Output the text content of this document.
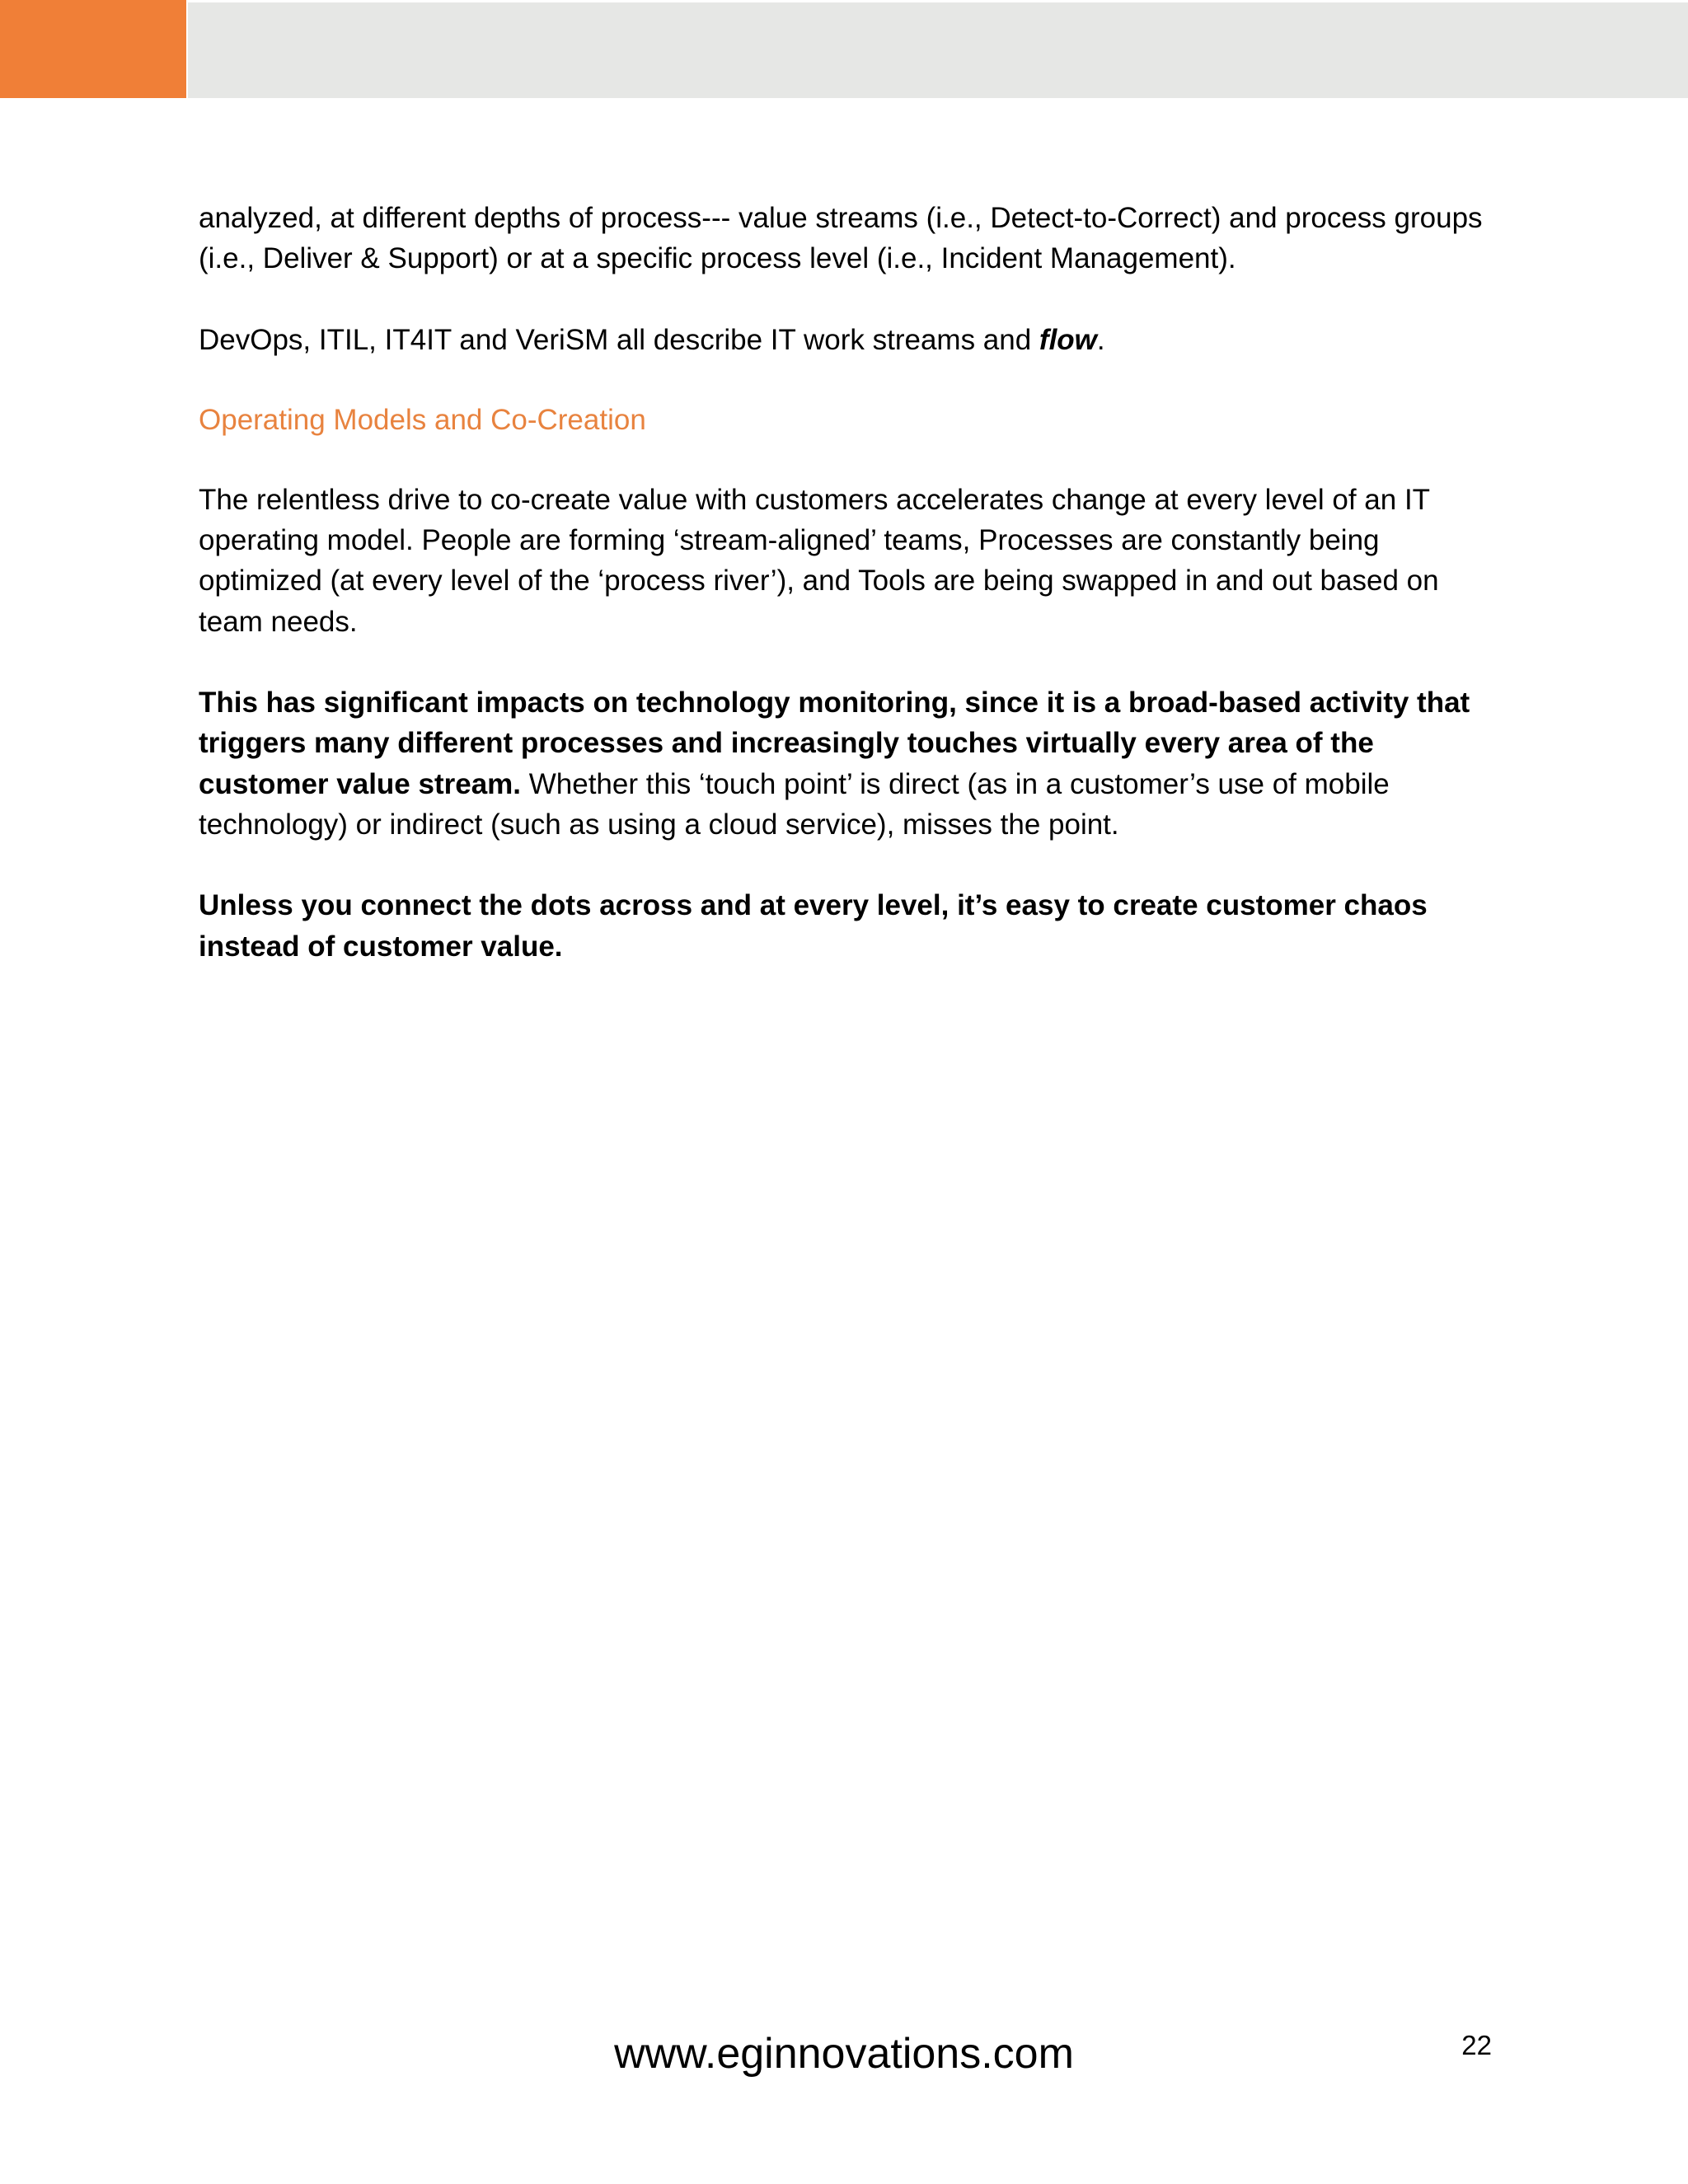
analyzed, at different depths of process--- value streams (i.e., Detect-to-Correct) and process groups (i.e., Deliver & Support) or at a specific process level (i.e., Incident Management).

DevOps, ITIL, IT4IT and VeriSM all describe IT work streams and flow.

Operating Models and Co-Creation

The relentless drive to co-create value with customers accelerates change at every level of an IT operating model. People are forming ‘stream-aligned’ teams, Processes are constantly being optimized (at every level of the ‘process river’), and Tools are being swapped in and out based on team needs.

This has significant impacts on technology monitoring, since it is a broad-based activity that triggers many different processes and increasingly touches virtually every area of the customer value stream. Whether this ‘touch point’ is direct (as in a customer’s use of mobile technology) or indirect (such as using a cloud service), misses the point.

Unless you connect the dots across and at every level, it’s easy to create customer chaos instead of customer value.

www.eginnovations.com	22
